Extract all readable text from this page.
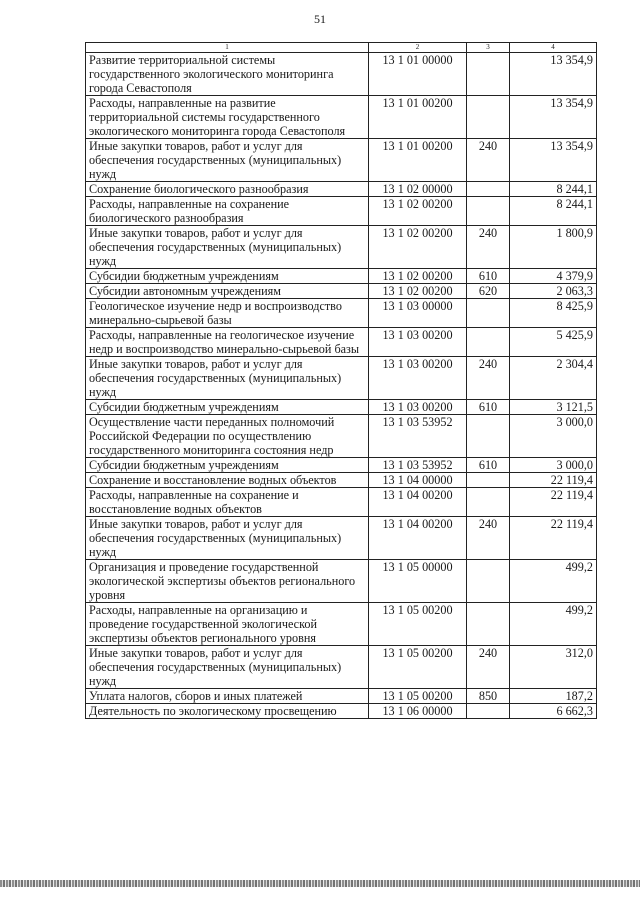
51
1	2	3	4
Развитие территориальной системы государственного экологического мониторинга города Севастополя	13 1 01 00000		13 354,9
Расходы, направленные на развитие территориальной системы государственного экологического мониторинга города Севастополя	13 1 01 00200		13 354,9
Иные закупки товаров, работ и услуг для обеспечения государственных (муниципальных) нужд	13 1 01 00200	240	13 354,9
Сохранение биологического разнообразия	13 1 02 00000		8 244,1
Расходы, направленные на сохранение биологического разнообразия	13 1 02 00200		8 244,1
Иные закупки товаров, работ и услуг для обеспечения государственных (муниципальных) нужд	13 1 02 00200	240	1 800,9
Субсидии бюджетным учреждениям	13 1 02 00200	610	4 379,9
Субсидии автономным учреждениям	13 1 02 00200	620	2 063,3
Геологическое изучение недр и воспроизводство минерально-сырьевой базы	13 1 03 00000		8 425,9
Расходы, направленные на геологическое изучение недр и воспроизводство минерально-сырьевой базы	13 1 03 00200		5 425,9
Иные закупки товаров, работ и услуг для обеспечения государственных (муниципальных) нужд	13 1 03 00200	240	2 304,4
Субсидии бюджетным учреждениям	13 1 03 00200	610	3 121,5
Осуществление части переданных полномочий Российской Федерации по осуществлению государственного мониторинга состояния недр	13 1 03 53952		3 000,0
Субсидии бюджетным учреждениям	13 1 03 53952	610	3 000,0
Сохранение и восстановление водных объектов	13 1 04 00000		22 119,4
Расходы, направленные на сохранение и восстановление водных объектов	13 1 04 00200		22 119,4
Иные закупки товаров, работ и услуг для обеспечения государственных (муниципальных) нужд	13 1 04 00200	240	22 119,4
Организация и проведение государственной экологической экспертизы объектов регионального уровня	13 1 05 00000		499,2
Расходы, направленные на организацию и проведение государственной экологической экспертизы объектов регионального уровня	13 1 05 00200		499,2
Иные закупки товаров, работ и услуг для обеспечения государственных (муниципальных) нужд	13 1 05 00200	240	312,0
Уплата налогов, сборов и иных платежей	13 1 05 00200	850	187,2
Деятельность по экологическому просвещению	13 1 06 00000		6 662,3
